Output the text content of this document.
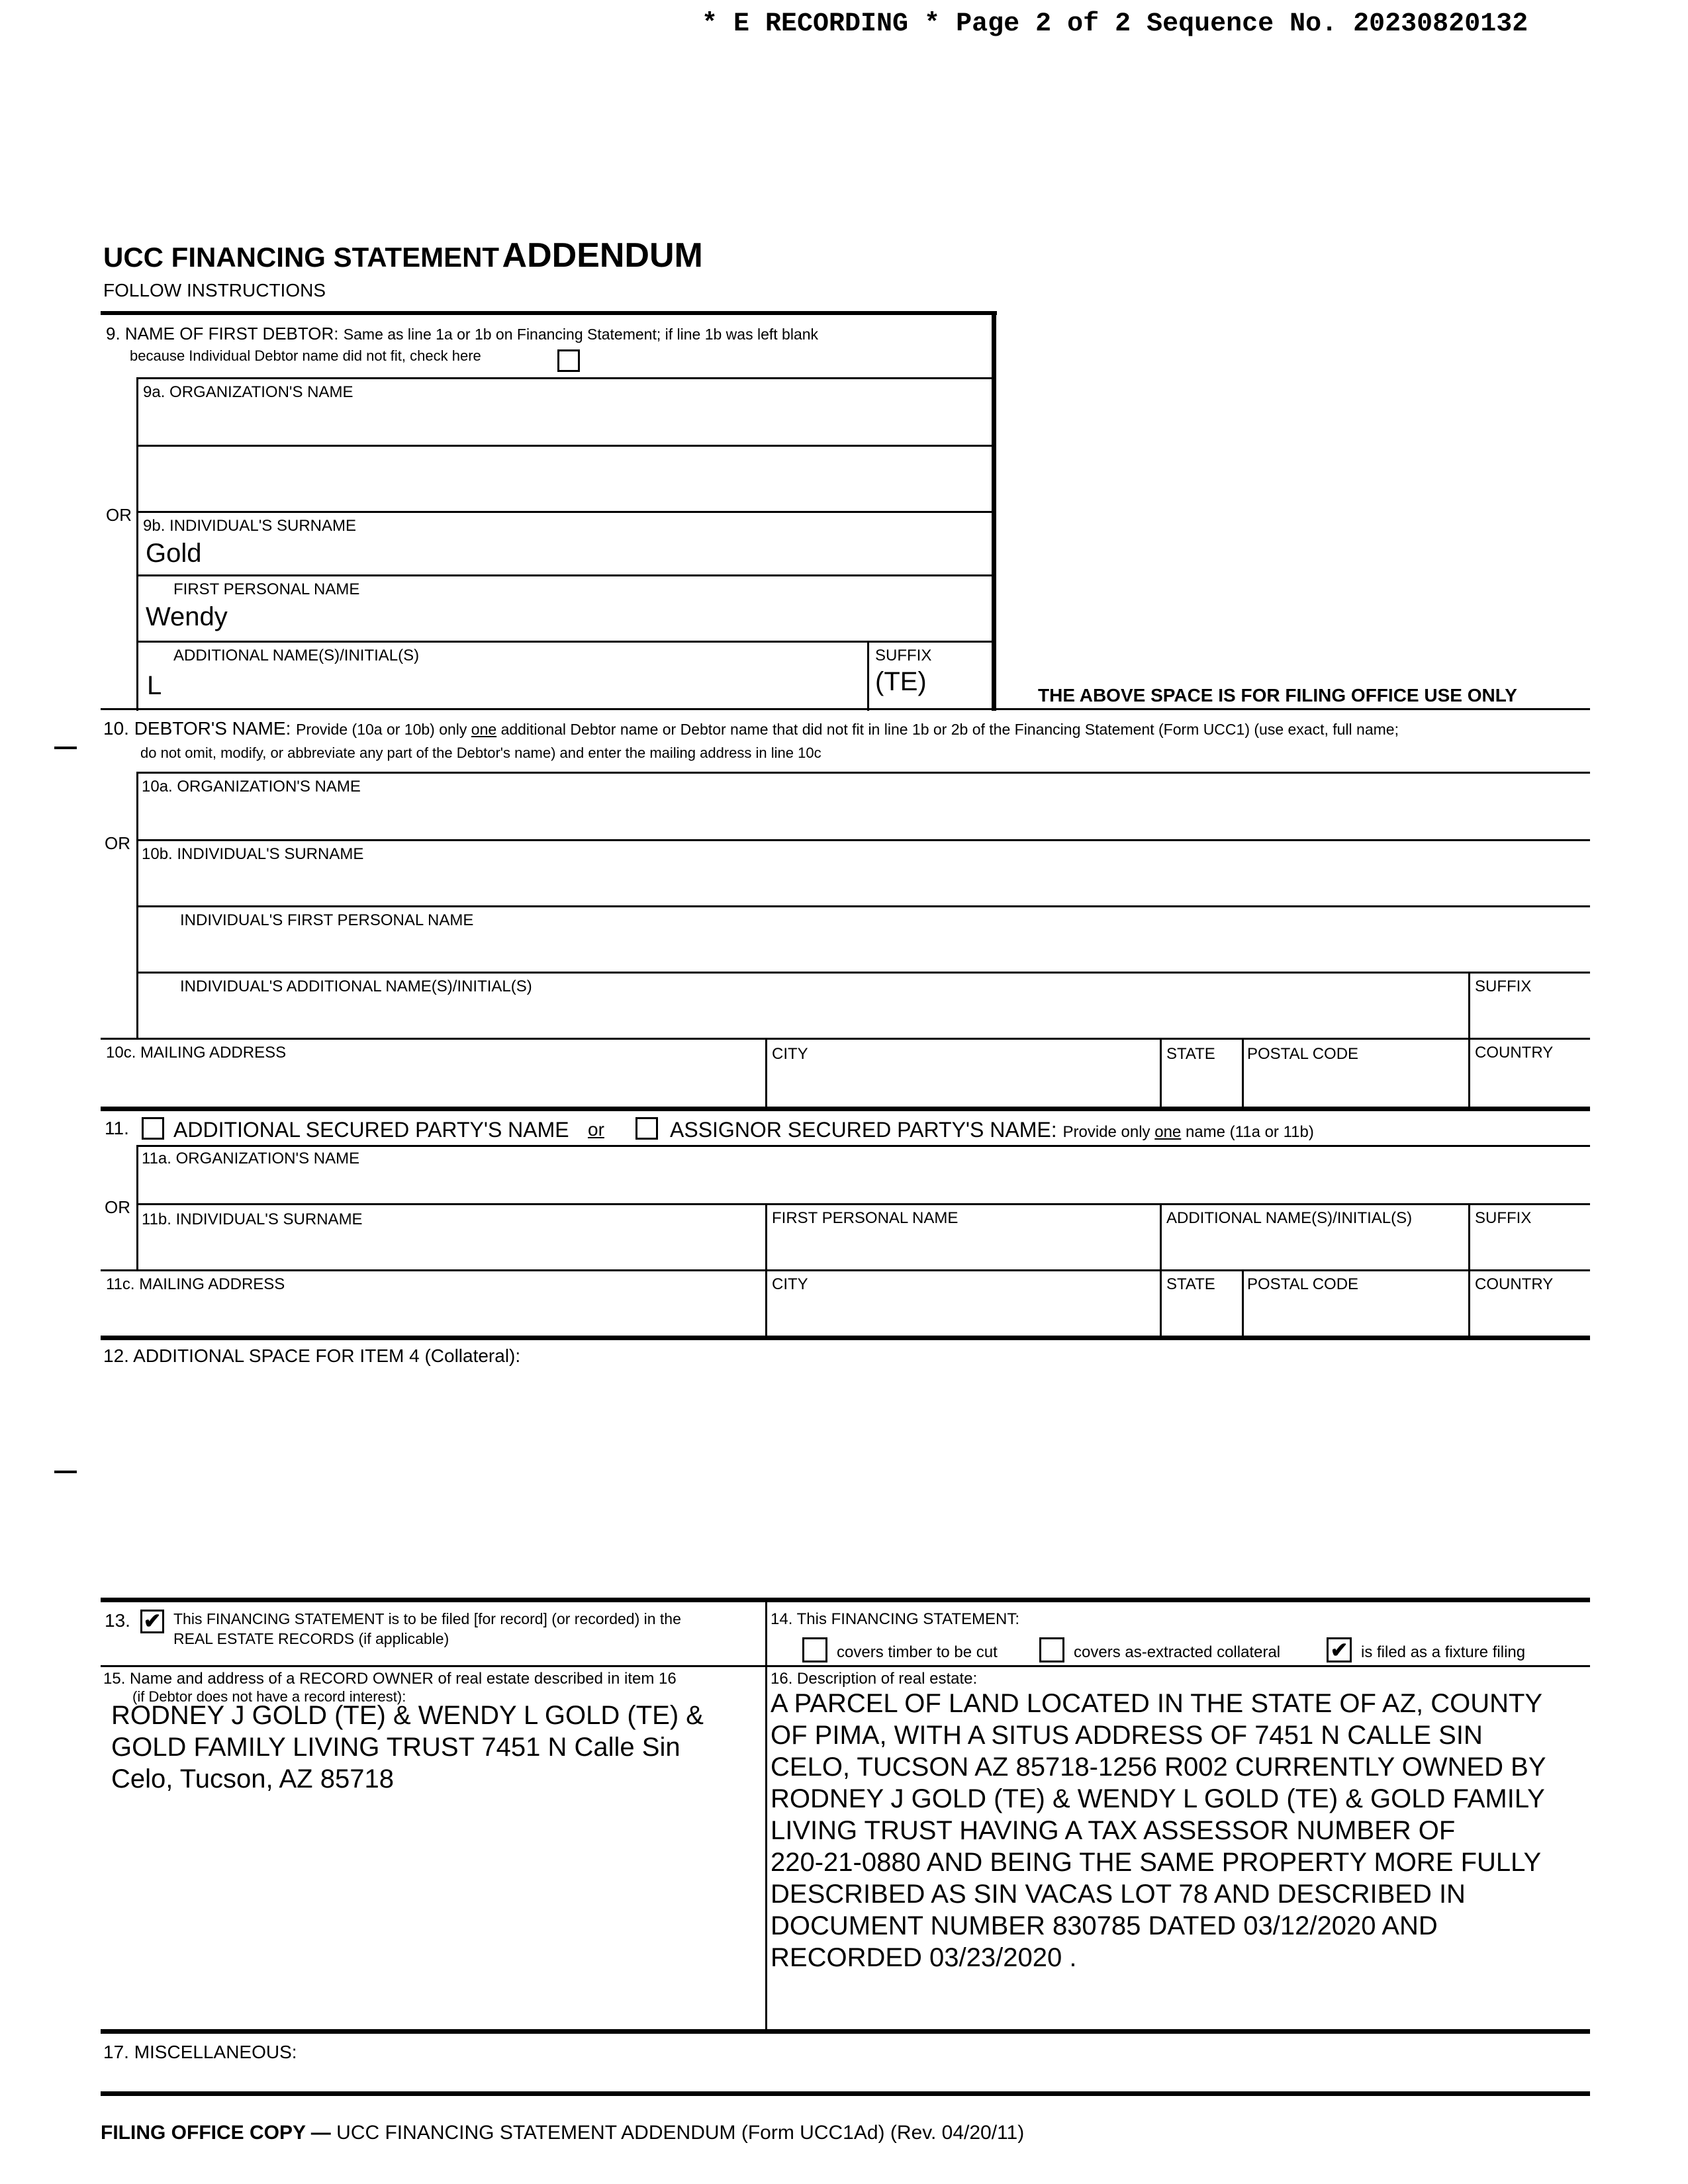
* E RECORDING * Page 2 of 2 Sequence No. 20230820132
UCC FINANCING STATEMENT ADDENDUM
FOLLOW INSTRUCTIONS
9. NAME OF FIRST DEBTOR: Same as line 1a or 1b on Financing Statement; if line 1b was left blank
because Individual Debtor name did not fit, check here
9a. ORGANIZATION'S NAME
OR
9b. INDIVIDUAL'S SURNAME
Gold
FIRST PERSONAL NAME
Wendy
ADDITIONAL NAME(S)/INITIAL(S)
L
SUFFIX
(TE)	THE ABOVE SPACE IS FOR FILING OFFICE USE ONLY
10. DEBTOR'S NAME: Provide (10a or 10b) only one additional Debtor name or Debtor name that did not fit in line 1b or 2b of the Financing Statement (Form UCC1) (use exact, full name;
do not omit, modify, or abbreviate any part of the Debtor's name) and enter the mailing address in line 10c
10a. ORGANIZATION'S NAME
OR
10b. INDIVIDUAL'S SURNAME
INDIVIDUAL'S FIRST PERSONAL NAME
INDIVIDUAL'S ADDITIONAL NAME(S)/INITIAL(S)	SUFFIX
10c. MAILING ADDRESS	CITY	STATE POSTAL CODE	COUNTRY
11. ADDITIONAL SECURED PARTY'S NAME or	ASSIGNOR SECURED PARTY'S NAME: Provide only one name (11a or 11b)
11a. ORGANIZATION'S NAME
OR
11b. INDIVIDUAL'S SURNAME	FIRST PERSONAL NAME	ADDITIONAL NAME(S)/INITIAL(S)	SUFFIX
11c. MAILING ADDRESS	CITY	STATE POSTAL CODE	COUNTRY
12. ADDITIONAL SPACE FOR ITEM 4 (Collateral):
13. ✔ This FINANCING STATEMENT is to be filed [for record] (or recorded) in the
REAL ESTATE RECORDS (if applicable)
14. This FINANCING STATEMENT:
covers timber to be cut	covers as-extracted collateral ✔ is filed as a fixture filing
15. Name and address of a RECORD OWNER of real estate described in item 16
(if Debtor does not have a record interest):
RODNEY J GOLD (TE) & WENDY L GOLD (TE) &
GOLD FAMILY LIVING TRUST 7451 N Calle Sin
Celo, Tucson, AZ 85718
16. Description of real estate:
A PARCEL OF LAND LOCATED IN THE STATE OF AZ, COUNTY
OF PIMA, WITH A SITUS ADDRESS OF 7451 N CALLE SIN
CELO, TUCSON AZ 85718-1256 R002 CURRENTLY OWNED BY
RODNEY J GOLD (TE) & WENDY L GOLD (TE) & GOLD FAMILY
LIVING TRUST HAVING A TAX ASSESSOR NUMBER OF
220-21-0880 AND BEING THE SAME PROPERTY MORE FULLY
DESCRIBED AS SIN VACAS LOT 78 AND DESCRIBED IN
DOCUMENT NUMBER 830785 DATED 03/12/2020 AND
RECORDED 03/23/2020 .
17. MISCELLANEOUS:
FILING OFFICE COPY — UCC FINANCING STATEMENT ADDENDUM (Form UCC1Ad) (Rev. 04/20/11)
